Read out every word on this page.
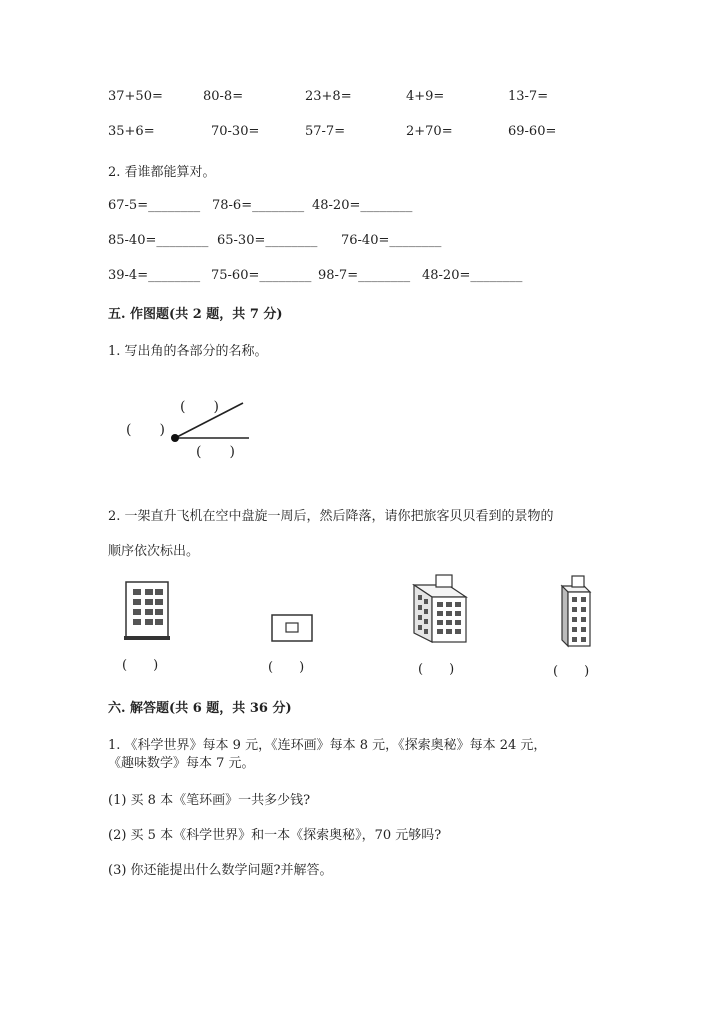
37+50=	80-8=	23+8=	4+9=	13-7=
35+6=	70-30=	57-7=	2+70=	69-60=
2. 看谁都能算对。
67-5=________ 78-6=________ 48-20=________
85-40=________ 65-30=________ 76-40=________
39-4=________ 75-60=________ 98-7=________ 48-20=________
五. 作图题(共 2 题，共 7 分)
1. 写出角的各部分的名称。
(　　)
(　　)
(　　)
2. 一架直升飞机在空中盘旋一周后，然后降落，请你把旅客贝贝看到的景物的
顺序依次标出。
(　　)	(　　)	(　　)	(　　)
六. 解答题(共 6 题，共 36 分)
1. 《科学世界》每本 9 元，《连环画》每本 8 元，《探索奥秘》每本 24 元，
《趣味数学》每本 7 元。
(1) 买 8 本《笔环画》一共多少钱?
(2) 买 5 本《科学世界》和一本《探索奥秘》，70 元够吗?
(3) 你还能提出什么数学问题?并解答。
